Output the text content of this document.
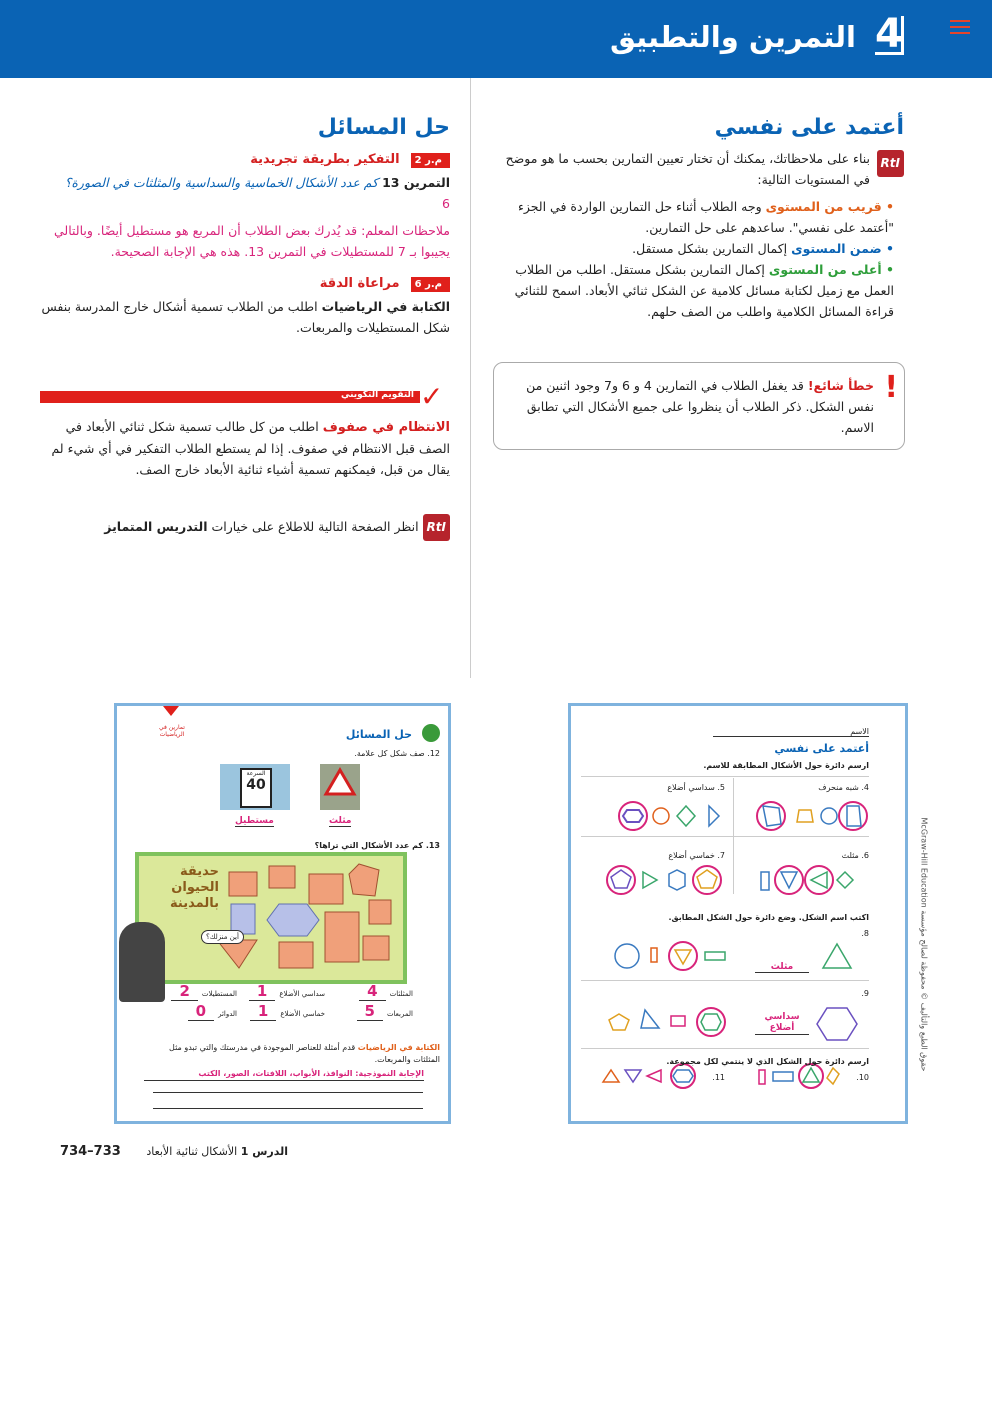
4
التمرين والتطبيق
أعتمد على نفسي
RtI
بناء على ملاحظاتك، يمكنك أن تختار تعيين التمارين بحسب ما هو موضح في المستويات التالية:
• قريب من المستوى وجه الطلاب أثناء حل التمارين الواردة في الجزء "أعتمد على نفسي". ساعدهم على حل التمارين.
• ضمن المستوى إكمال التمارين بشكل مستقل.
• أعلى من المستوى إكمال التمارين بشكل مستقل. اطلب من الطلاب العمل مع زميل لكتابة مسائل كلامية عن الشكل ثنائي الأبعاد. اسمح للثنائي قراءة المسائل الكلامية واطلب من الصف حلهم.
!
خطأ شائع! قد يغفل الطلاب في التمارين 4 و 6 و7 وجود اثنين من نفس الشكل. ذكر الطلاب أن ينظروا على جميع الأشكال التي تطابق الاسم.
حل المسائل
م.ر 2 التفكير بطريقة تجريدية
التمرين 13 كم عدد الأشكال الخماسية والسداسية والمثلثات في الصورة؟
6
ملاحظات المعلم: قد يُدرك بعض الطلاب أن المربع هو مستطيل أيضًا. وبالتالي يجيبوا بـ 7 للمستطيلات في التمرين 13. هذه هي الإجابة الصحيحة.
م.ر 6 مراعاة الدقة
الكتابة في الرياضيات اطلب من الطلاب تسمية أشكال خارج المدرسة بنفس شكل المستطيلات والمربعات.
التقويم التكويني ✓
الانتظام في صفوف اطلب من كل طالب تسمية شكل ثنائي الأبعاد في الصف قبل الانتظام في صفوف. إذا لم يستطع الطلاب التفكير في أي شيء لم يقال من قبل، فيمكنهم تسمية أشياء ثنائية الأبعاد خارج الصف.
RtI انظر الصفحة التالية للاطلاع على خيارات التدريس المتمايز
حل المسائل
12. صف شكل كل علامة.
تمارين في الرياضيات
السرعة
40
مستطيل	مثلث
13. كم عدد الأشكال التي تراها؟
حديقة الحيوان بالمدينة
أين منزلك؟
المثلثات4
سداسي الأضلاع1
المستطيلات2
المربعات5
خماسي الأضلاع1
الدوائر0
الكتابة في الرياضيات قدم أمثلة للعناصر الموجودة في مدرستك والتي تبدو مثل المثلثات والمربعات.
الإجابة النموذجية: النوافذ، الأبواب، اللافتات، الصور، الكتب
الاسم
أعتمد على نفسي
ارسم دائرة حول الأشكال المطابقة للاسم.
4. شبه منحرف
5. سداسي أضلاع
6. مثلث
7. خماسي أضلاع
اكتب اسم الشكل. وضع دائرة حول الشكل المطابق.
8.
مثلث
9.
سداسي أضلاع
ارسم دائرة حول الشكل الذي لا ينتمي لكل مجموعة.
10.
11.
حقوق الطبع والتأليف © محفوظة لصالح مؤسسة McGraw-Hill Education
الدرس 1 الأشكال ثنائية الأبعاد 733–734
